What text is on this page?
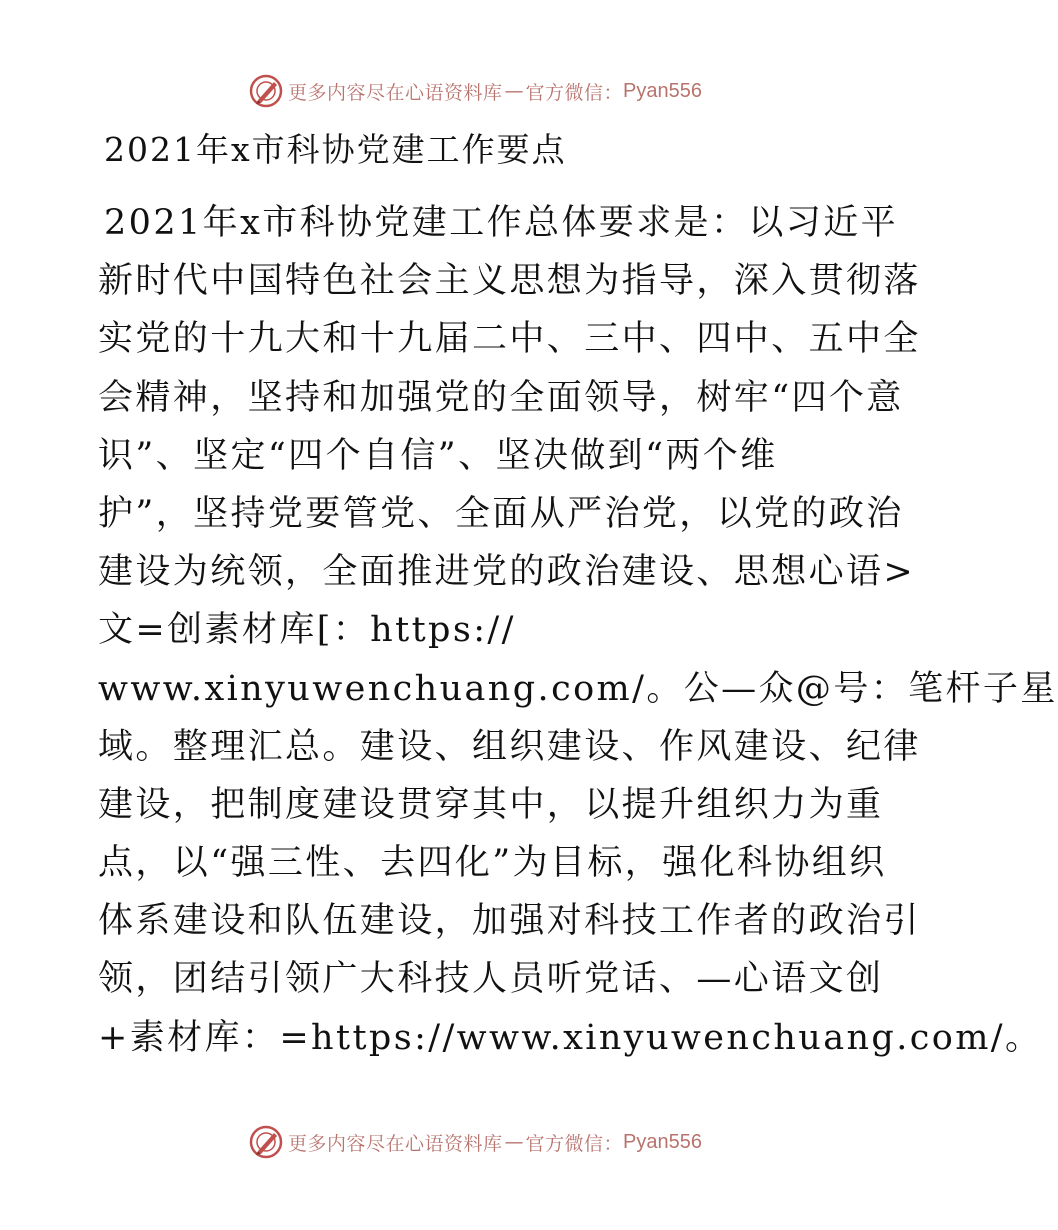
更多内容尽在心语资料库 — 官方微信： Pyan556
2021年x市科协党建工作要点
2021年x市科协党建工作总体要求是：以习近平
新时代中国特色社会主义思想为指导，深入贯彻落
实党的十九大和十九届二中、三中、四中、五中全
会精神，坚持和加强党的全面领导，树牢“四个意
识”、坚定“四个自信”、坚决做到“两个维
护”，坚持党要管党、全面从严治党，以党的政治
建设为统领，全面推进党的政治建设、思想心语>
文=创素材库[：https://
www.xinyuwenchuang.com/。公—众@号：笔杆子星
域。整理汇总。建设、组织建设、作风建设、纪律
建设，把制度建设贯穿其中，以提升组织力为重
点，以“强三性、去四化”为目标，强化科协组织
体系建设和队伍建设，加强对科技工作者的政治引
领，团结引领广大科技人员听党话、—心语文创
+素材库：=https://www.xinyuwenchuang.com/。
更多内容尽在心语资料库 — 官方微信： Pyan556
